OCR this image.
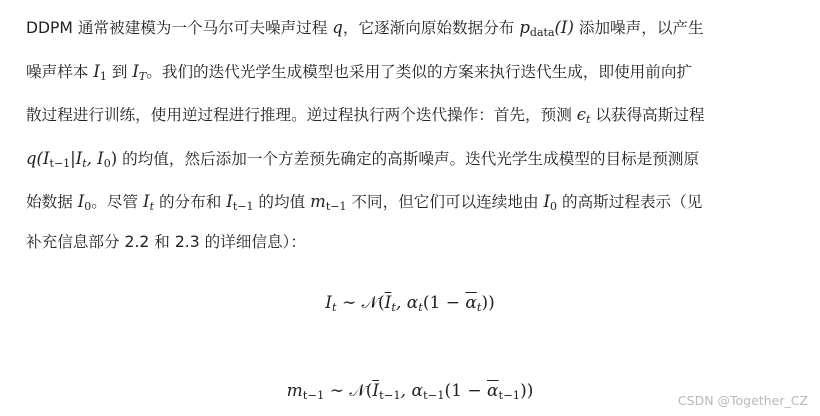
DDPM 通常被建模为一个马尔可夫噪声过程 q，它逐渐向原始数据分布 $p_{data}(I)$ 添加噪声，以产生
噪声样本 $I_1$ 到 $I_T$。我们的迭代光学生成模型也采用了类似的方案来执行迭代生成，即使用前向扩
散过程进行训练，使用逆过程进行推理。逆过程执行两个迭代操作：首先，预测 $\epsilon_t$ 以获得高斯过程
$q(I_{t-1}|I_t$, $I_0$) 的均值，然后添加一个方差预先确定的高斯噪声。迭代光学生成模型的目标是预测原
始数据 $I_0$。尽管 $I_t$ 的分布和 $I_{t-1}$ 的均值 $m_{t-1}$ 不同，但它们可以连续地由 $I_0$ 的高斯过程表示（见
补充信息部分 2.2 和 2.3 的详细信息）：
$I_t$ ∼ $𝒩(\overline{I}_t$, $\alpha_t(1 - \overline{\alpha}_t)$)
$m_{t-1}$ ∼ $𝒩(\overline{I}_{t-1}$, $\alpha_{t-1}(1 - \overline{\alpha}_{t-1})$)	CSDN @Together_CZ
